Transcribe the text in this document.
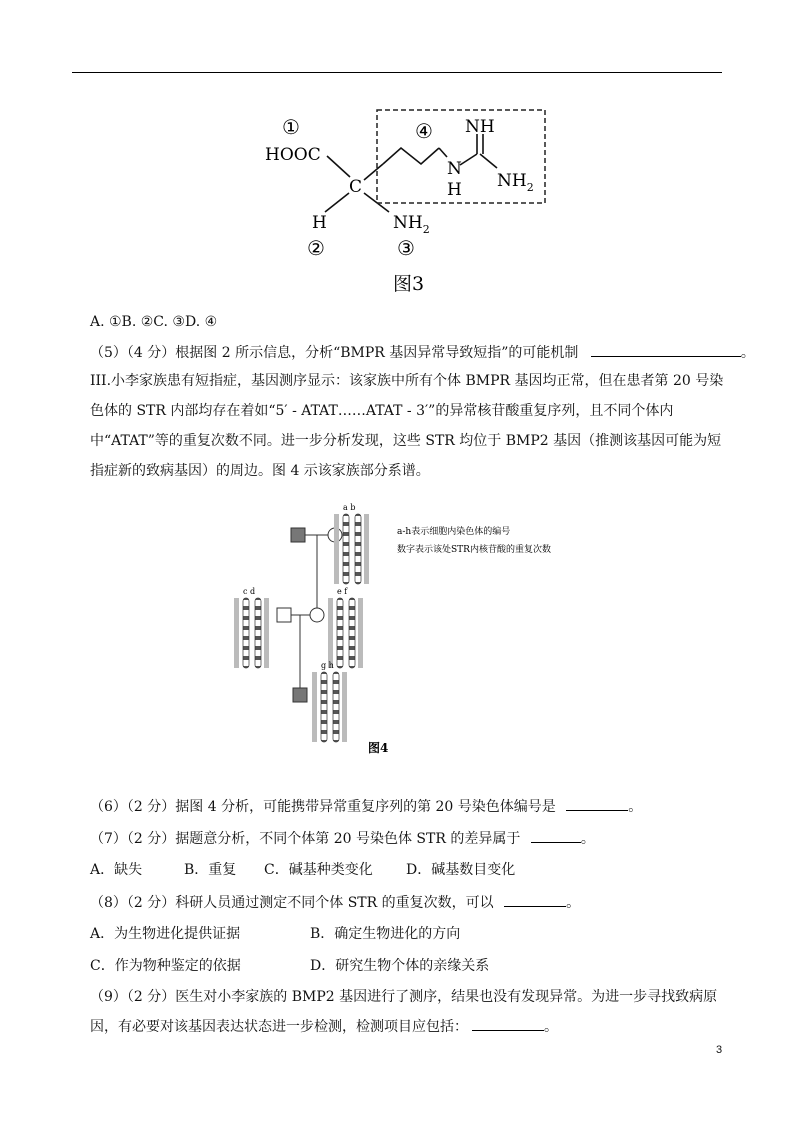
①
HOOC
C
H
②
$NH_2$
③
④
N
H
NH
$NH_2$
图3
A. ①B. ②C. ③D. ④
（5）（4 分）根据图 2 所示信息，分析“BMPR 基因异常导致短指”的可能机制	。
III.小李家族患有短指症，基因测序显示：该家族中所有个体 BMPR 基因均正常，但在患者第 20 号染色体的 STR 内部均存在着如“5′ ‑ ATAT……ATAT ‑ 3′”的异常核苷酸重复序列，且不同个体内中“ATAT”等的重复次数不同。进一步分析发现，这些 STR 均位于 BMP2 基因（推测该基因可能为短指症新的致病基因）的周边。图 4 示该家族部分系谱。
a b
a-h表示细胞内染色体的编号
数字表示该处STR内核苷酸的重复次数
c d	e f
g h
图4
（6）（2 分）据图 4 分析，可能携带异常重复序列的第 20 号染色体编号是	。
（7）（2 分）据题意分析，不同个体第 20 号染色体 STR 的差异属于	。
A．缺失	B．重复 C．碱基种类变化 D．碱基数目变化
（8）（2 分）科研人员通过测定不同个体 STR 的重复次数，可以	。
A．为生物进化提供证据	B．确定生物进化的方向
C．作为物种鉴定的依据	D．研究生物个体的亲缘关系
（9）（2 分）医生对小李家族的 BMP2 基因进行了测序，结果也没有发现异常。为进一步寻找致病原因，有必要对该基因表达状态进一步检测，检测项目应包括：	。
3
